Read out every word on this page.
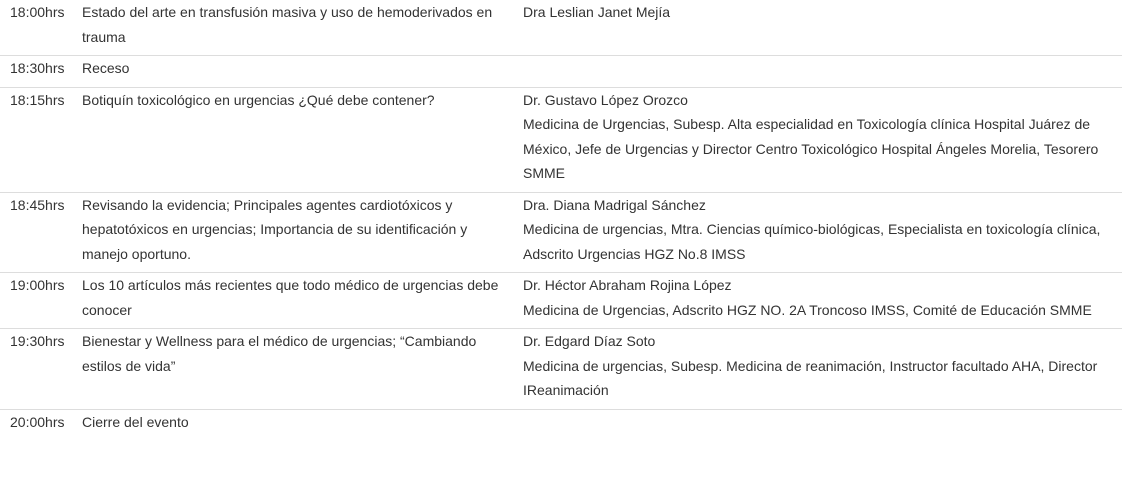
18:00hrs	Estado del arte en transfusión masiva y uso de hemoderivados en trauma	Dra Leslian Janet Mejía

18:30hrs	Receso	

18:15hrs	Botiquín toxicológico en urgencias ¿Qué debe contener?	Dr. Gustavo López Orozco
Medicina de Urgencias, Subesp. Alta especialidad en Toxicología clínica Hospital Juárez de México, Jefe de Urgencias y Director Centro Toxicológico Hospital Ángeles Morelia, Tesorero SMME

18:45hrs	Revisando la evidencia; Principales agentes cardiotóxicos y hepatotóxicos en urgencias; Importancia de su identificación y manejo oportuno.	Dra. Diana Madrigal Sánchez
Medicina de urgencias, Mtra. Ciencias químico-biológicas, Especialista en toxicología clínica, Adscrito Urgencias HGZ No.8 IMSS

19:00hrs	Los 10 artículos más recientes que todo médico de urgencias debe conocer	Dr. Héctor Abraham Rojina López
Medicina de Urgencias, Adscrito HGZ NO. 2A Troncoso IMSS, Comité de Educación SMME

19:30hrs	Bienestar y Wellness para el médico de urgencias; “Cambiando estilos de vida”	Dr. Edgard Díaz Soto
Medicina de urgencias, Subesp. Medicina de reanimación, Instructor facultado AHA, Director IReanimación

20:00hrs	Cierre del evento	
